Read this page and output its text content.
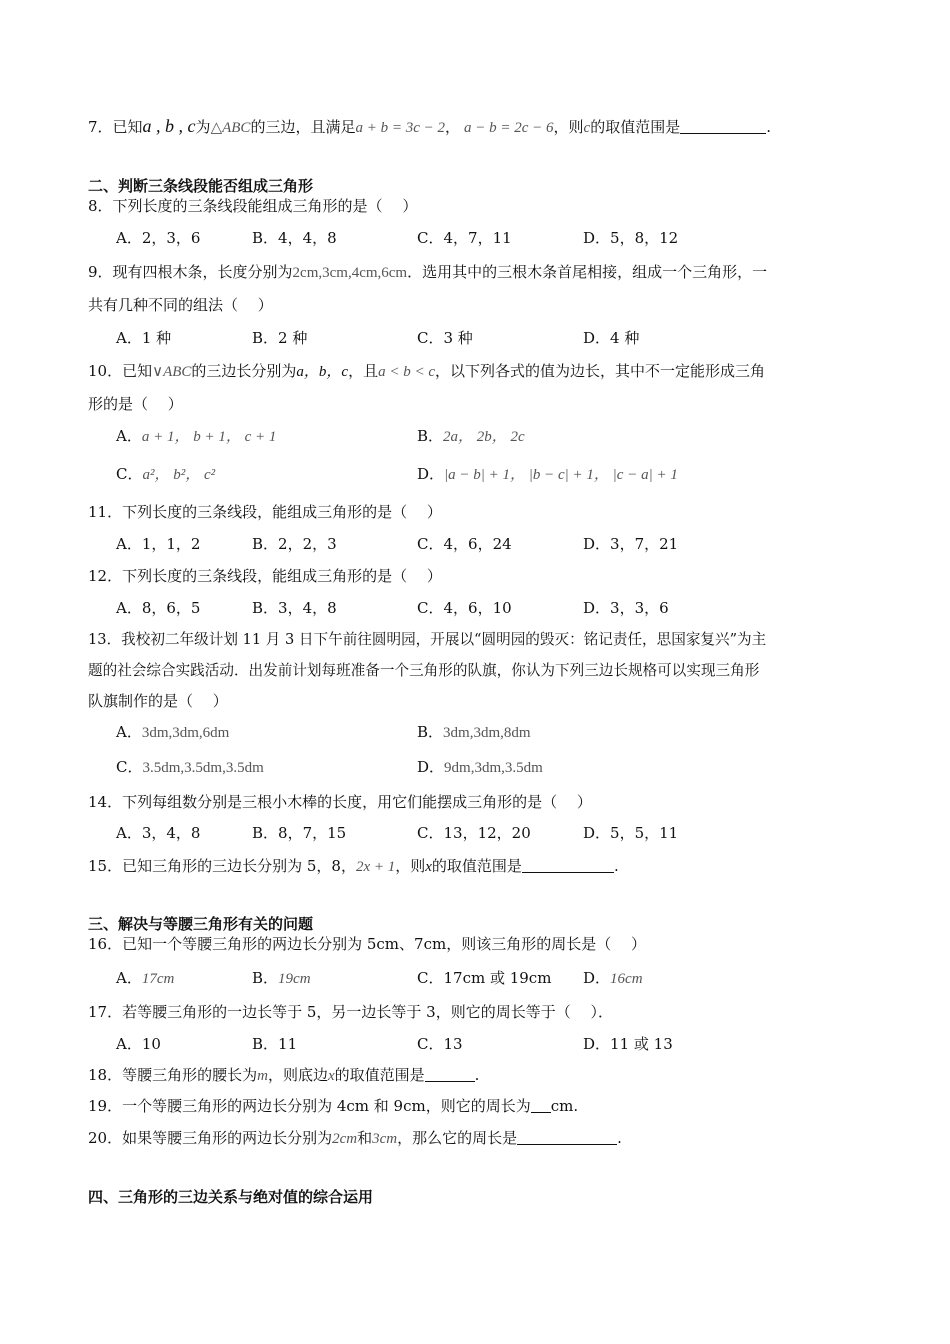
7．已知a , b , c为△ABC的三边，且满足a + b = 3c − 2， a − b = 2c − 6，则c的取值范围是	.
二、判断三条线段能否组成三角形
8．下列长度的三条线段能组成三角形的是（　 ）
A．2，3，6	B．4，4，8	C．4，7，11	D．5，8，12
9．现有四根木条，长度分别为2cm,3cm,4cm,6cm．选用其中的三根木条首尾相接，组成一个三角形，一
共有几种不同的组法（　 ）
A．1 种	B．2 种	C．3 种	D．4 种
10．已知∨ABC的三边长分别为a，b，c，且a < b < c，以下列各式的值为边长，其中不一定能形成三角
形的是（　 ）
A．a + 1， b + 1， c + 1	B．2a， 2b， 2c
C．a²， b²， c²	D．|a − b| + 1， |b − c| + 1， |c − a| + 1
11．下列长度的三条线段，能组成三角形的是（　 ）
A．1，1，2	B．2，2，3	C．4，6，24	D．3，7，21
12．下列长度的三条线段，能组成三角形的是（　 ）
A．8，6，5	B．3，4，8	C．4，6，10	D．3，3，6
13．我校初二年级计划 11 月 3 日下午前往圆明园，开展以“圆明园的毁灭：铭记责任，思国家复兴”为主
题的社会综合实践活动．出发前计划每班准备一个三角形的队旗，你认为下列三边长规格可以实现三角形
队旗制作的是（　 ）
A．3dm,3dm,6dm	B．3dm,3dm,8dm
C．3.5dm,3.5dm,3.5dm	D．9dm,3dm,3.5dm
14．下列每组数分别是三根小木棒的长度，用它们能摆成三角形的是（　 ）
A．3，4，8	B．8，7，15	C．13，12，20	D．5，5，11
15．已知三角形的三边长分别为 5，8，2x + 1，则x的取值范围是	.
三、解决与等腰三角形有关的问题
16．已知一个等腰三角形的两边长分别为 5cm、7cm，则该三角形的周长是（　 ）
A．17cm	B．19cm	C．17cm 或 19cm D．16cm
17．若等腰三角形的一边长等于 5，另一边长等于 3，则它的周长等于（　 ）．
A．10	B．11	C．13	D．11 或 13
18．等腰三角形的腰长为m，则底边x的取值范围是	.
19．一个等腰三角形的两边长分别为 4cm 和 9cm，则它的周长为 cm.
20．如果等腰三角形的两边长分别为2cm和3cm，那么它的周长是	.
四、三角形的三边关系与绝对值的综合运用
